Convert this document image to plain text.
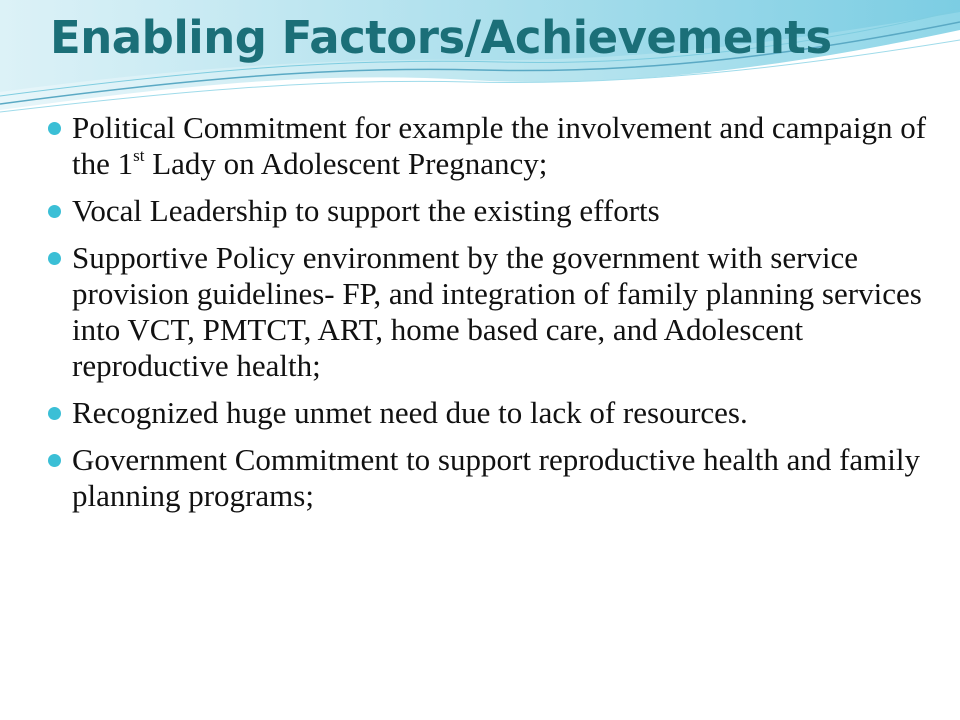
Enabling Factors/Achievements
Political Commitment for example the involvement and campaign of the 1st Lady on Adolescent Pregnancy;
Vocal Leadership to support the existing efforts
Supportive Policy environment by the government with service provision guidelines- FP, and integration of family planning services into VCT, PMTCT, ART, home based care, and Adolescent reproductive health;
Recognized huge unmet need due to lack of resources.
Government Commitment to support reproductive health and family planning programs;
